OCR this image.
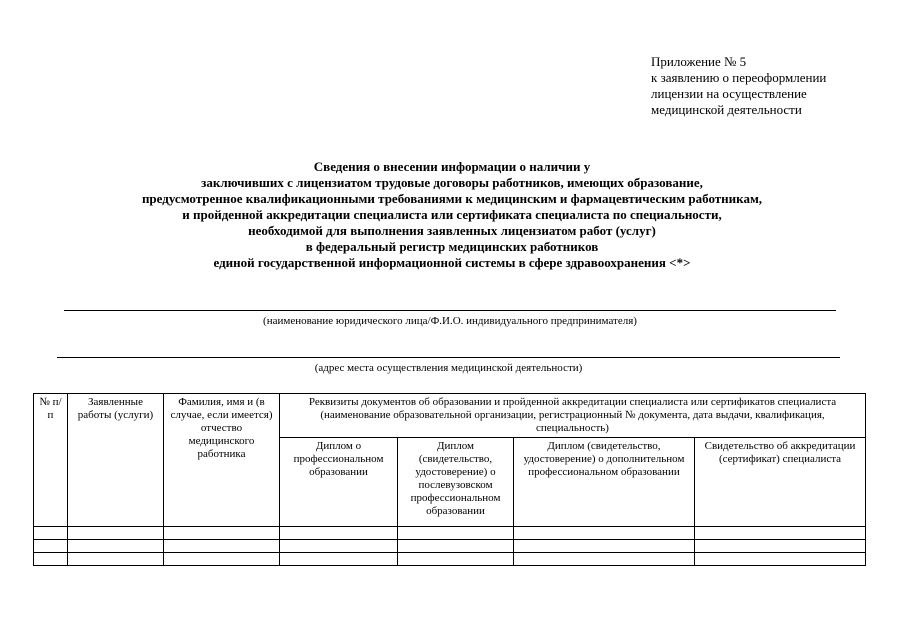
Приложение № 5
к заявлению о переоформлении
лицензии на осуществление
медицинской деятельности
Сведения о внесении информации о наличии у
заключивших с лицензиатом трудовые договоры работников, имеющих образование,
предусмотренное квалификационными требованиями к медицинским и фармацевтическим работникам,
и пройденной аккредитации специалиста или сертификата специалиста по специальности,
необходимой для выполнения заявленных лицензиатом работ (услуг)
в федеральный регистр медицинских работников
единой государственной информационной системы в сфере здравоохранения <*>
(наименование юридического лица/Ф.И.О. индивидуального предпринимателя)
(адрес места осуществления медицинской деятельности)
№ п/п	Заявленные работы (услуги)	Фамилия, имя и (в случае, если имеется) отчество медицинского работника	Реквизиты документов об образовании и пройденной аккредитации специалиста или сертификатов специалиста (наименование образовательной организации, регистрационный № документа, дата выдачи, квалификация, специальность)			
			Диплом о профессиональном образовании	Диплом (свидетельство, удостоверение) о послевузовском профессиональном образовании	Диплом (свидетельство, удостоверение) о дополнительном профессиональном образовании	Свидетельство об аккредитации (сертификат) специалиста
